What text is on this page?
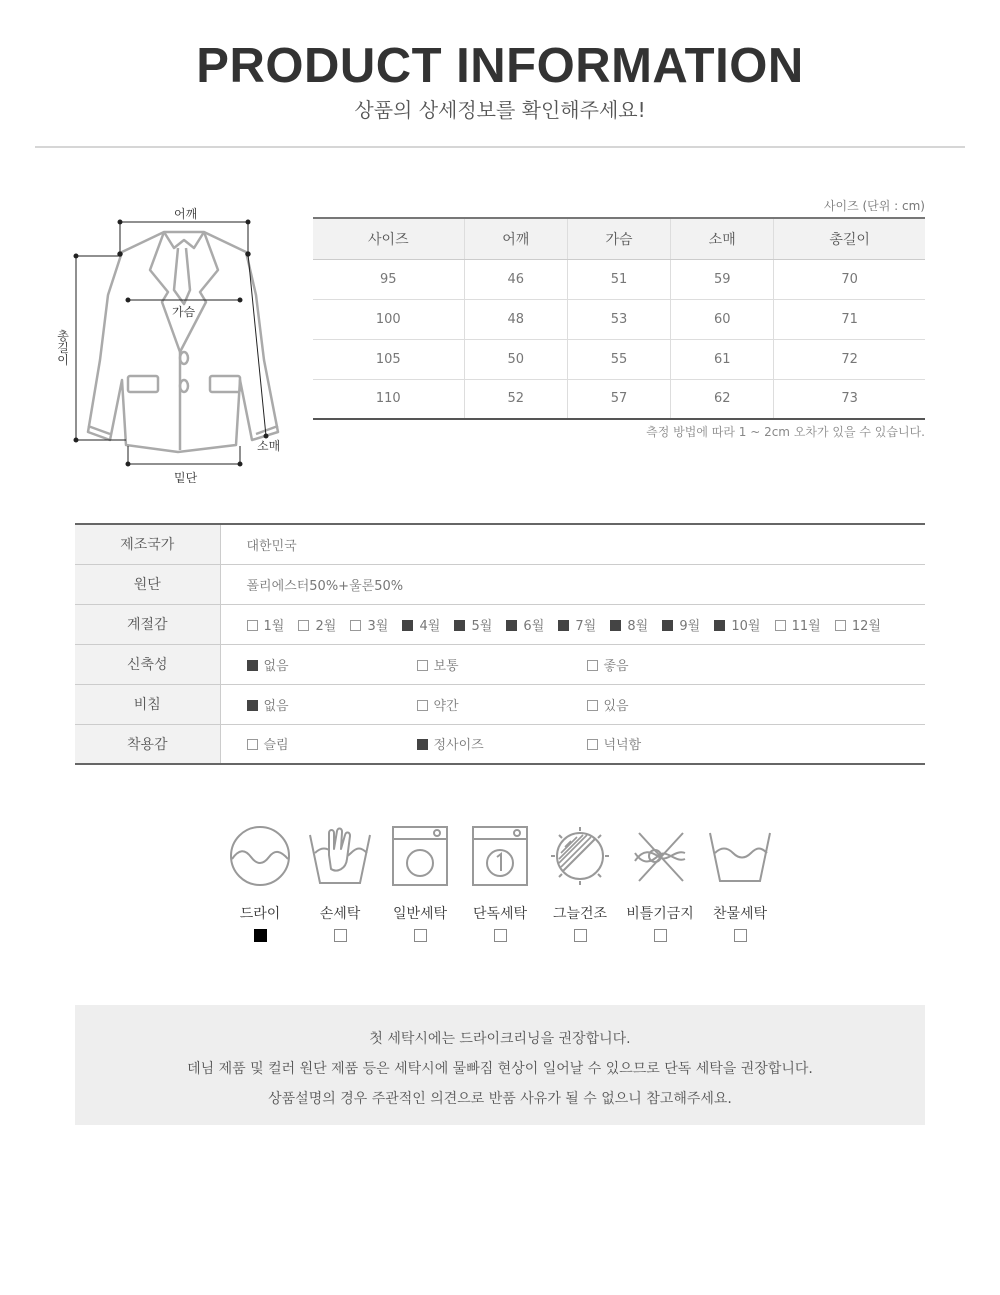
PRODUCT INFORMATION
상품의 상세정보를 확인해주세요!
어깨
가슴
총길이
소매
밑단
사이즈 (단위 : cm)
사이즈	어깨	가슴	소매	총길이
95	46	51	59	70
100	48	53	60	71
105	50	55	61	72
110	52	57	62	73
측정 방법에 따라 1 ~ 2cm 오차가 있을 수 있습니다.
제조국가	대한민국
원단	폴리에스터50%+울론50%
계절감	1월 2월 3월 4월 5월 6월 7월 8월 9월 10월 11월 12월
신축성	없음 보통 좋음
비침	없음 약간 있음
착용감	슬림 정사이즈 넉넉함
드라이	손세탁	일반세탁	단독세탁	그늘건조	비틀기금지	찬물세탁

첫 세탁시에는 드라이크리닝을 권장합니다.

데님 제품 및 컬러 원단 제품 등은 세탁시에 물빠짐 현상이 일어날 수 있으므로 단독 세탁을 권장합니다.

상품설명의 경우 주관적인 의견으로 반품 사유가 될 수 없으니 참고해주세요.
